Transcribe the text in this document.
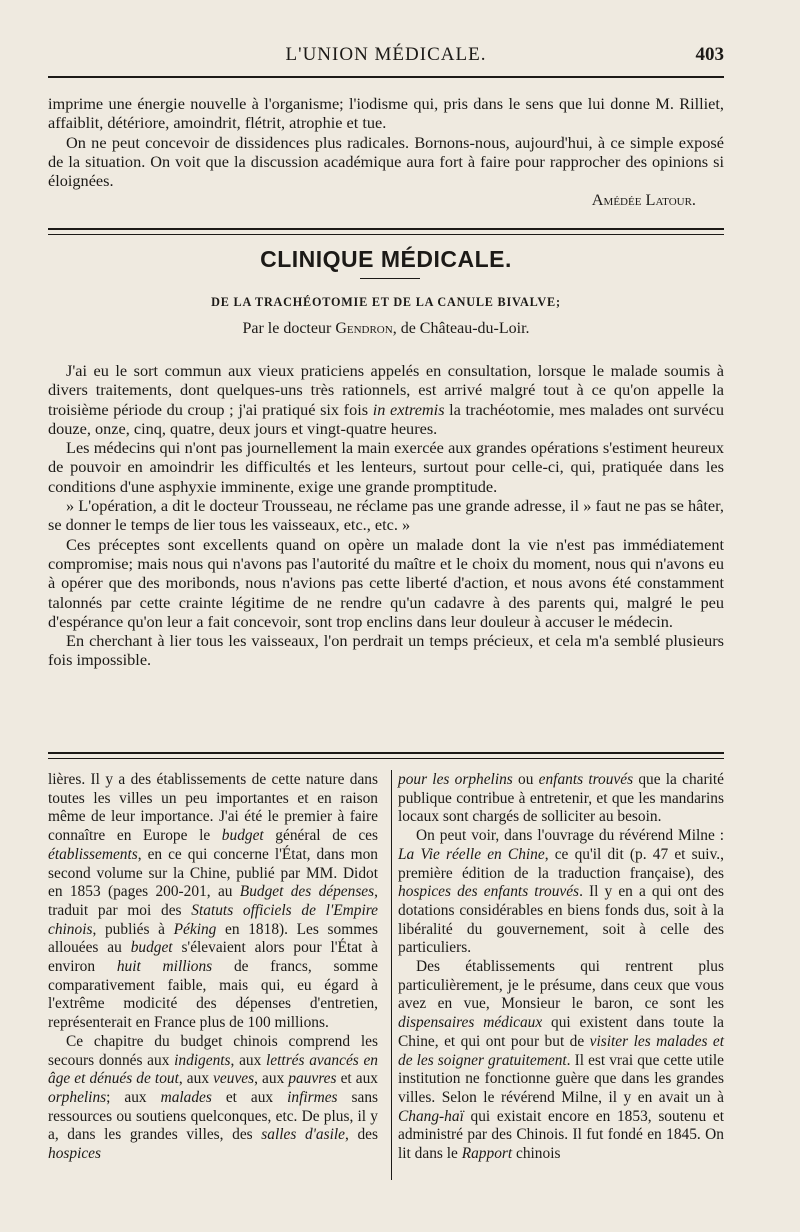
L'UNION MÉDICALE.	403

imprime une énergie nouvelle à l'organisme; l'iodisme qui, pris dans le sens que lui donne M. Rilliet, affaiblit, détériore, amoindrit, flétrit, atrophie et tue.

On ne peut concevoir de dissidences plus radicales. Bornons-nous, aujourd'hui, à ce simple exposé de la situation. On voit que la discussion académique aura fort à faire pour rapprocher des opinions si éloignées.

Amédée Latour.

CLINIQUE MÉDICALE.
DE LA TRACHÉOTOMIE ET DE LA CANULE BIVALVE;
Par le docteur Gendron, de Château-du-Loir.

J'ai eu le sort commun aux vieux praticiens appelés en consultation, lorsque le malade soumis à divers traitements, dont quelques-uns très rationnels, est arrivé malgré tout à ce qu'on appelle la troisième période du croup ; j'ai pratiqué six fois in extremis la trachéotomie, mes malades ont survécu douze, onze, cinq, quatre, deux jours et vingt-quatre heures.

Les médecins qui n'ont pas journellement la main exercée aux grandes opérations s'estiment heureux de pouvoir en amoindrir les difficultés et les lenteurs, surtout pour celle-ci, qui, pratiquée dans les conditions d'une asphyxie imminente, exige une grande promptitude.

» L'opération, a dit le docteur Trousseau, ne réclame pas une grande adresse, il » faut ne pas se hâter, se donner le temps de lier tous les vaisseaux, etc., etc. »

Ces préceptes sont excellents quand on opère un malade dont la vie n'est pas immédiatement compromise; mais nous qui n'avons pas l'autorité du maître et le choix du moment, nous qui n'avons eu à opérer que des moribonds, nous n'avions pas cette liberté d'action, et nous avons été constamment talonnés par cette crainte légitime de ne rendre qu'un cadavre à des parents qui, malgré le peu d'espérance qu'on leur a fait concevoir, sont trop enclins dans leur douleur à accuser le médecin.

En cherchant à lier tous les vaisseaux, l'on perdrait un temps précieux, et cela m'a semblé plusieurs fois impossible.

lières. Il y a des établissements de cette nature dans toutes les villes un peu importantes et en raison même de leur importance. J'ai été le premier à faire connaître en Europe le budget général de ces établissements, en ce qui concerne l'État, dans mon second volume sur la Chine, publié par MM. Didot en 1853 (pages 200-201, au Budget des dépenses, traduit par moi des Statuts officiels de l'Empire chinois, publiés à Péking en 1818). Les sommes allouées au budget s'élevaient alors pour l'État à environ huit millions de francs, somme comparativement faible, mais qui, eu égard à l'extrême modicité des dépenses d'entretien, représenterait en France plus de 100 millions.

Ce chapitre du budget chinois comprend les secours donnés aux indigents, aux lettrés avancés en âge et dénués de tout, aux veuves, aux pauvres et aux orphelins; aux malades et aux infirmes sans ressources ou soutiens quelconques, etc. De plus, il y a, dans les grandes villes, des salles d'asile, des hospices

pour les orphelins ou enfants trouvés que la charité publique contribue à entretenir, et que les mandarins locaux sont chargés de solliciter au besoin.

On peut voir, dans l'ouvrage du révérend Milne : La Vie réelle en Chine, ce qu'il dit (p. 47 et suiv., première édition de la traduction française), des hospices des enfants trouvés. Il y en a qui ont des dotations considérables en biens fonds dus, soit à la libéralité du gouvernement, soit à celle des particuliers.

Des établissements qui rentrent plus particulièrement, je le présume, dans ceux que vous avez en vue, Monsieur le baron, ce sont les dispensaires médicaux qui existent dans toute la Chine, et qui ont pour but de visiter les malades et de les soigner gratuitement. Il est vrai que cette utile institution ne fonctionne guère que dans les grandes villes. Selon le révérend Milne, il y en avait un à Chang-haï qui existait encore en 1853, soutenu et administré par des Chinois. Il fut fondé en 1845. On lit dans le Rapport chinois
